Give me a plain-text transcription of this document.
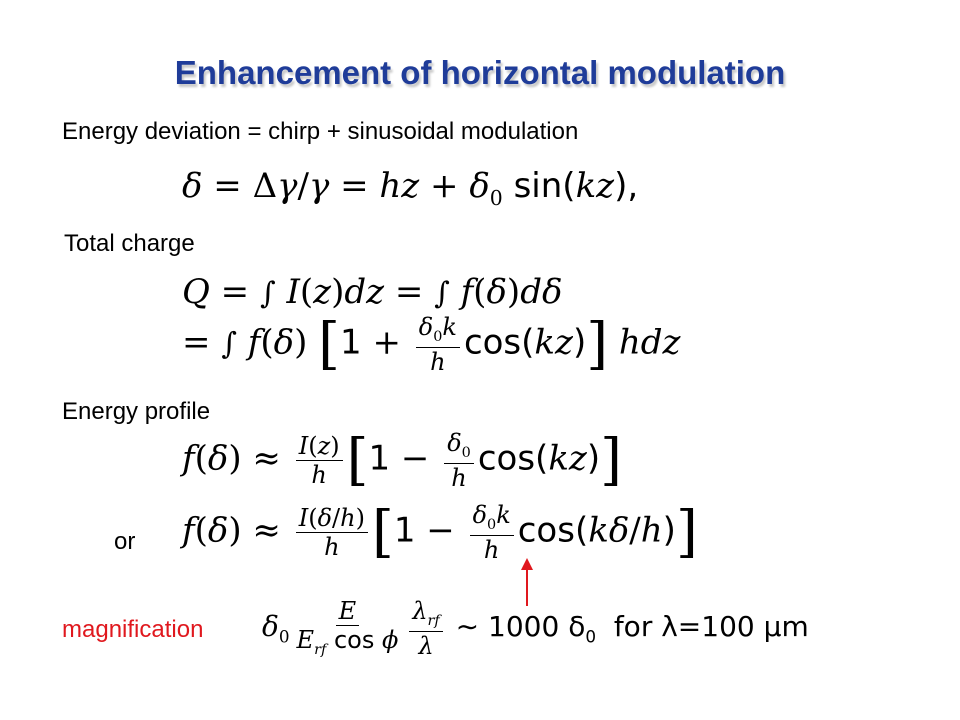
Enhancement of horizontal modulation
Energy deviation = chirp + sinusoidal modulation
δ = Δγ/γ = hz + $\delta_0$ sin(kz),
Total charge
Q = ∫ I(z)dz = ∫ f(δ)dδ
= ∫ f(δ) $[1 + \frac{\delta_0k}{h} \cos(kz)]$ hdz
Energy profile
$f(\delta) \approx \frac{I(z)}{h} [1 - \frac{\delta_0}{h} \cos(kz)]$
or $f(\delta) \approx \frac{I(\delta/h)}{h} [1 - \frac{\delta_0k}{h} \cos(k\delta/h)]$
magnification $\delta_0 \frac{E}{E_{rf} \cos \phi} \frac{\lambda_{rf}}{\lambda}$ ∼ 1000 $\delta_0$ for λ=100 μm
